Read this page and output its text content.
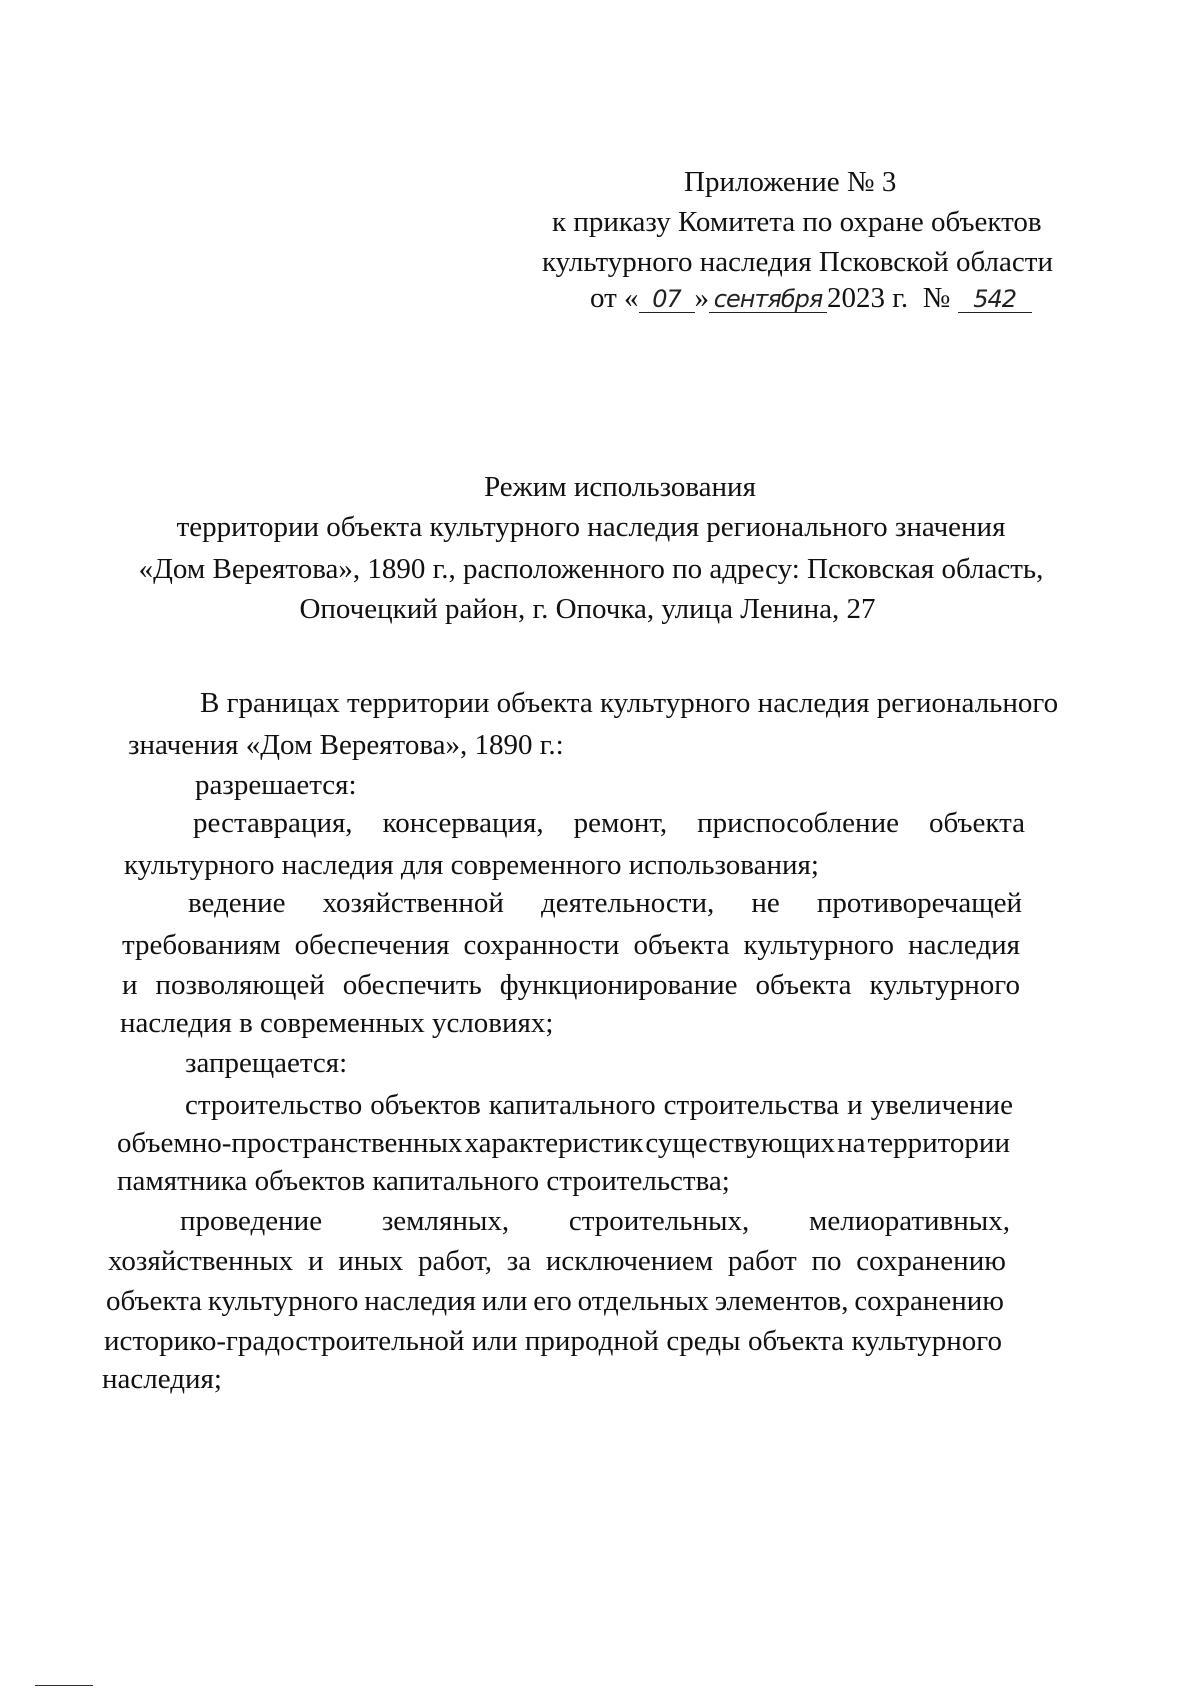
Приложение № 3
к приказу Комитета по охране объектов
культурного наследия Псковской области
от « 07 » сентября 2023 г. № 542
Режим использования
территории объекта культурного наследия регионального значения
«Дом Вереятова», 1890 г., расположенного по адресу: Псковская область,
Опочецкий район, г. Опочка, улица Ленина, 27
В границах территории объекта культурного наследия регионального
значения «Дом Вереятова», 1890 г.:
разрешается:
реставрация, консервация, ремонт, приспособление объекта
культурного наследия для современного использования;
ведение хозяйственной деятельности, не противоречащей
требованиям обеспечения сохранности объекта культурного наследия
и позволяющей обеспечить функционирование объекта культурного
наследия в современных условиях;
запрещается:
строительство объектов капитального строительства и увеличение
объемно-пространственных характеристик существующих на территории
памятника объектов капитального строительства;
проведение земляных, строительных, мелиоративных,
хозяйственных и иных работ, за исключением работ по сохранению
объекта культурного наследия или его отдельных элементов, сохранению
историко-градостроительной или природной среды объекта культурного
наследия;
